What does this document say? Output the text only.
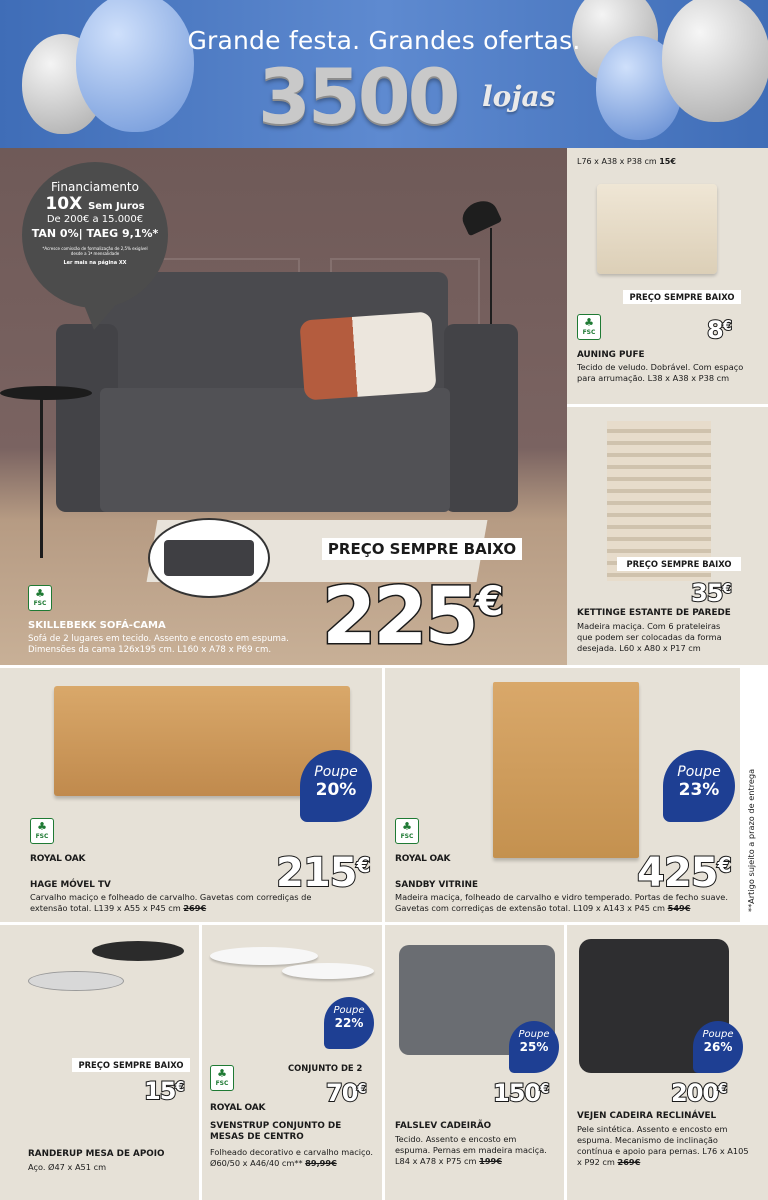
Grande festa. Grandes ofertas.
3500 lojas
Financiamento
10X Sem Juros
De 200€ a 15.000€
TAN 0%| TAEG 9,1%*
*Acresce comissão de formalização de 2,5% exigível desde a 1ª mensalidade
Ler mais na página XX
♣
FSC
PREÇO SEMPRE BAIXO
225€
SKILLEBEKK SOFÁ-CAMA
Sofá de 2 lugares em tecido. Assento e encosto em espuma. Dimensões da cama 126x195 cm. L160 x A78 x P69 cm.
L76 x A38 x P38 cm 15€
PREÇO SEMPRE BAIXO
♣
FSC	8€
AUNING PUFE
Tecido de veludo. Dobrável. Com espaço para arrumação. L38 x A38 x P38 cm
PREÇO SEMPRE BAIXO
35€
KETTINGE ESTANTE DE PAREDE
Madeira maciça. Com 6 prateleiras que podem ser colocadas da forma desejada. L60 x A80 x P17 cm
Poupe
20%
♣
FSC
ROYAL OAK	215€
HAGE MÓVEL TV
Carvalho maciço e folheado de carvalho. Gavetas com corrediças de extensão total. L139 x A55 x P45 cm 269€
Poupe
23%
♣
FSC
ROYAL OAK	425€
SANDBY VITRINE
Madeira maciça, folheado de carvalho e vidro temperado. Portas de fecho suave. Gavetas com corrediças de extensão total. L109 x A143 x P45 cm 549€	**Artigo sujeito a prazo de entrega
PREÇO SEMPRE BAIXO
15€
RANDERUP MESA DE APOIO
Aço. Ø47 x A51 cm
Poupe
22%
CONJUNTO DE 2
♣
FSC	70€
ROYAL OAK
SVENSTRUP CONJUNTO DE MESAS DE CENTRO
Folheado decorativo e carvalho maciço. Ø60/50 x A46/40 cm** 89,99€
Poupe
25%
150€
FALSLEV CADEIRÃO
Tecido. Assento e encosto em espuma. Pernas em madeira maciça. L84 x A78 x P75 cm 199€
Poupe
26%
200€
VEJEN CADEIRA RECLINÁVEL
Pele sintética. Assento e encosto em espuma. Mecanismo de inclinação contínua e apoio para pernas. L76 x A105 x P92 cm 269€
